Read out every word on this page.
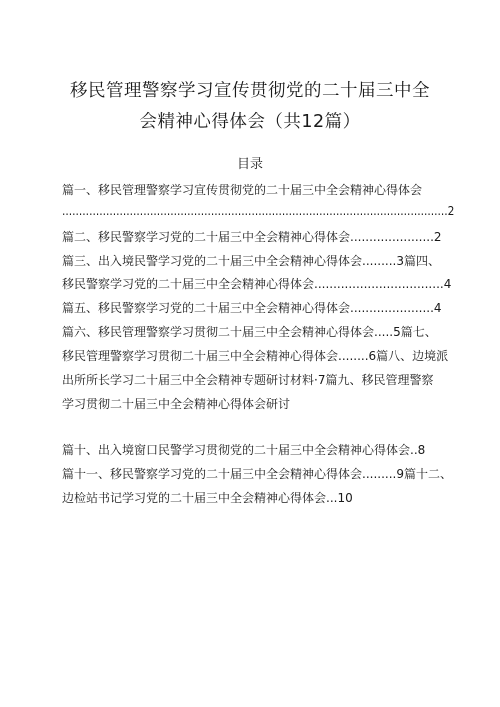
移民管理警察学习宣传贯彻党的二十届三中全
会精神心得体会（共12篇）
目录
篇一、移民管理警察学习宣传贯彻党的二十届三中全会精神心得体会
..................................................................................................................2
篇二、移民警察学习党的二十届三中全会精神心得体会......................2
篇三、出入境民警学习党的二十届三中全会精神心得体会.........3篇四、
移民警察学习党的二十届三中全会精神心得体会..................................4
篇五、移民警察学习党的二十届三中全会精神心得体会......................4
篇六、移民管理警察学习贯彻二十届三中全会精神心得体会.....5篇七、
移民管理警察学习贯彻二十届三中全会精神心得体会........6篇八、边境派
出所所长学习二十届三中全会精神专题研讨材料·7篇九、移民管理警察
学习贯彻二十届三中全会精神心得体会研讨
篇十、出入境窗口民警学习贯彻党的二十届三中全会精神心得体会..8
篇十一、移民警察学习党的二十届三中全会精神心得体会.........9篇十二、
边检站书记学习党的二十届三中全会精神心得体会...10
